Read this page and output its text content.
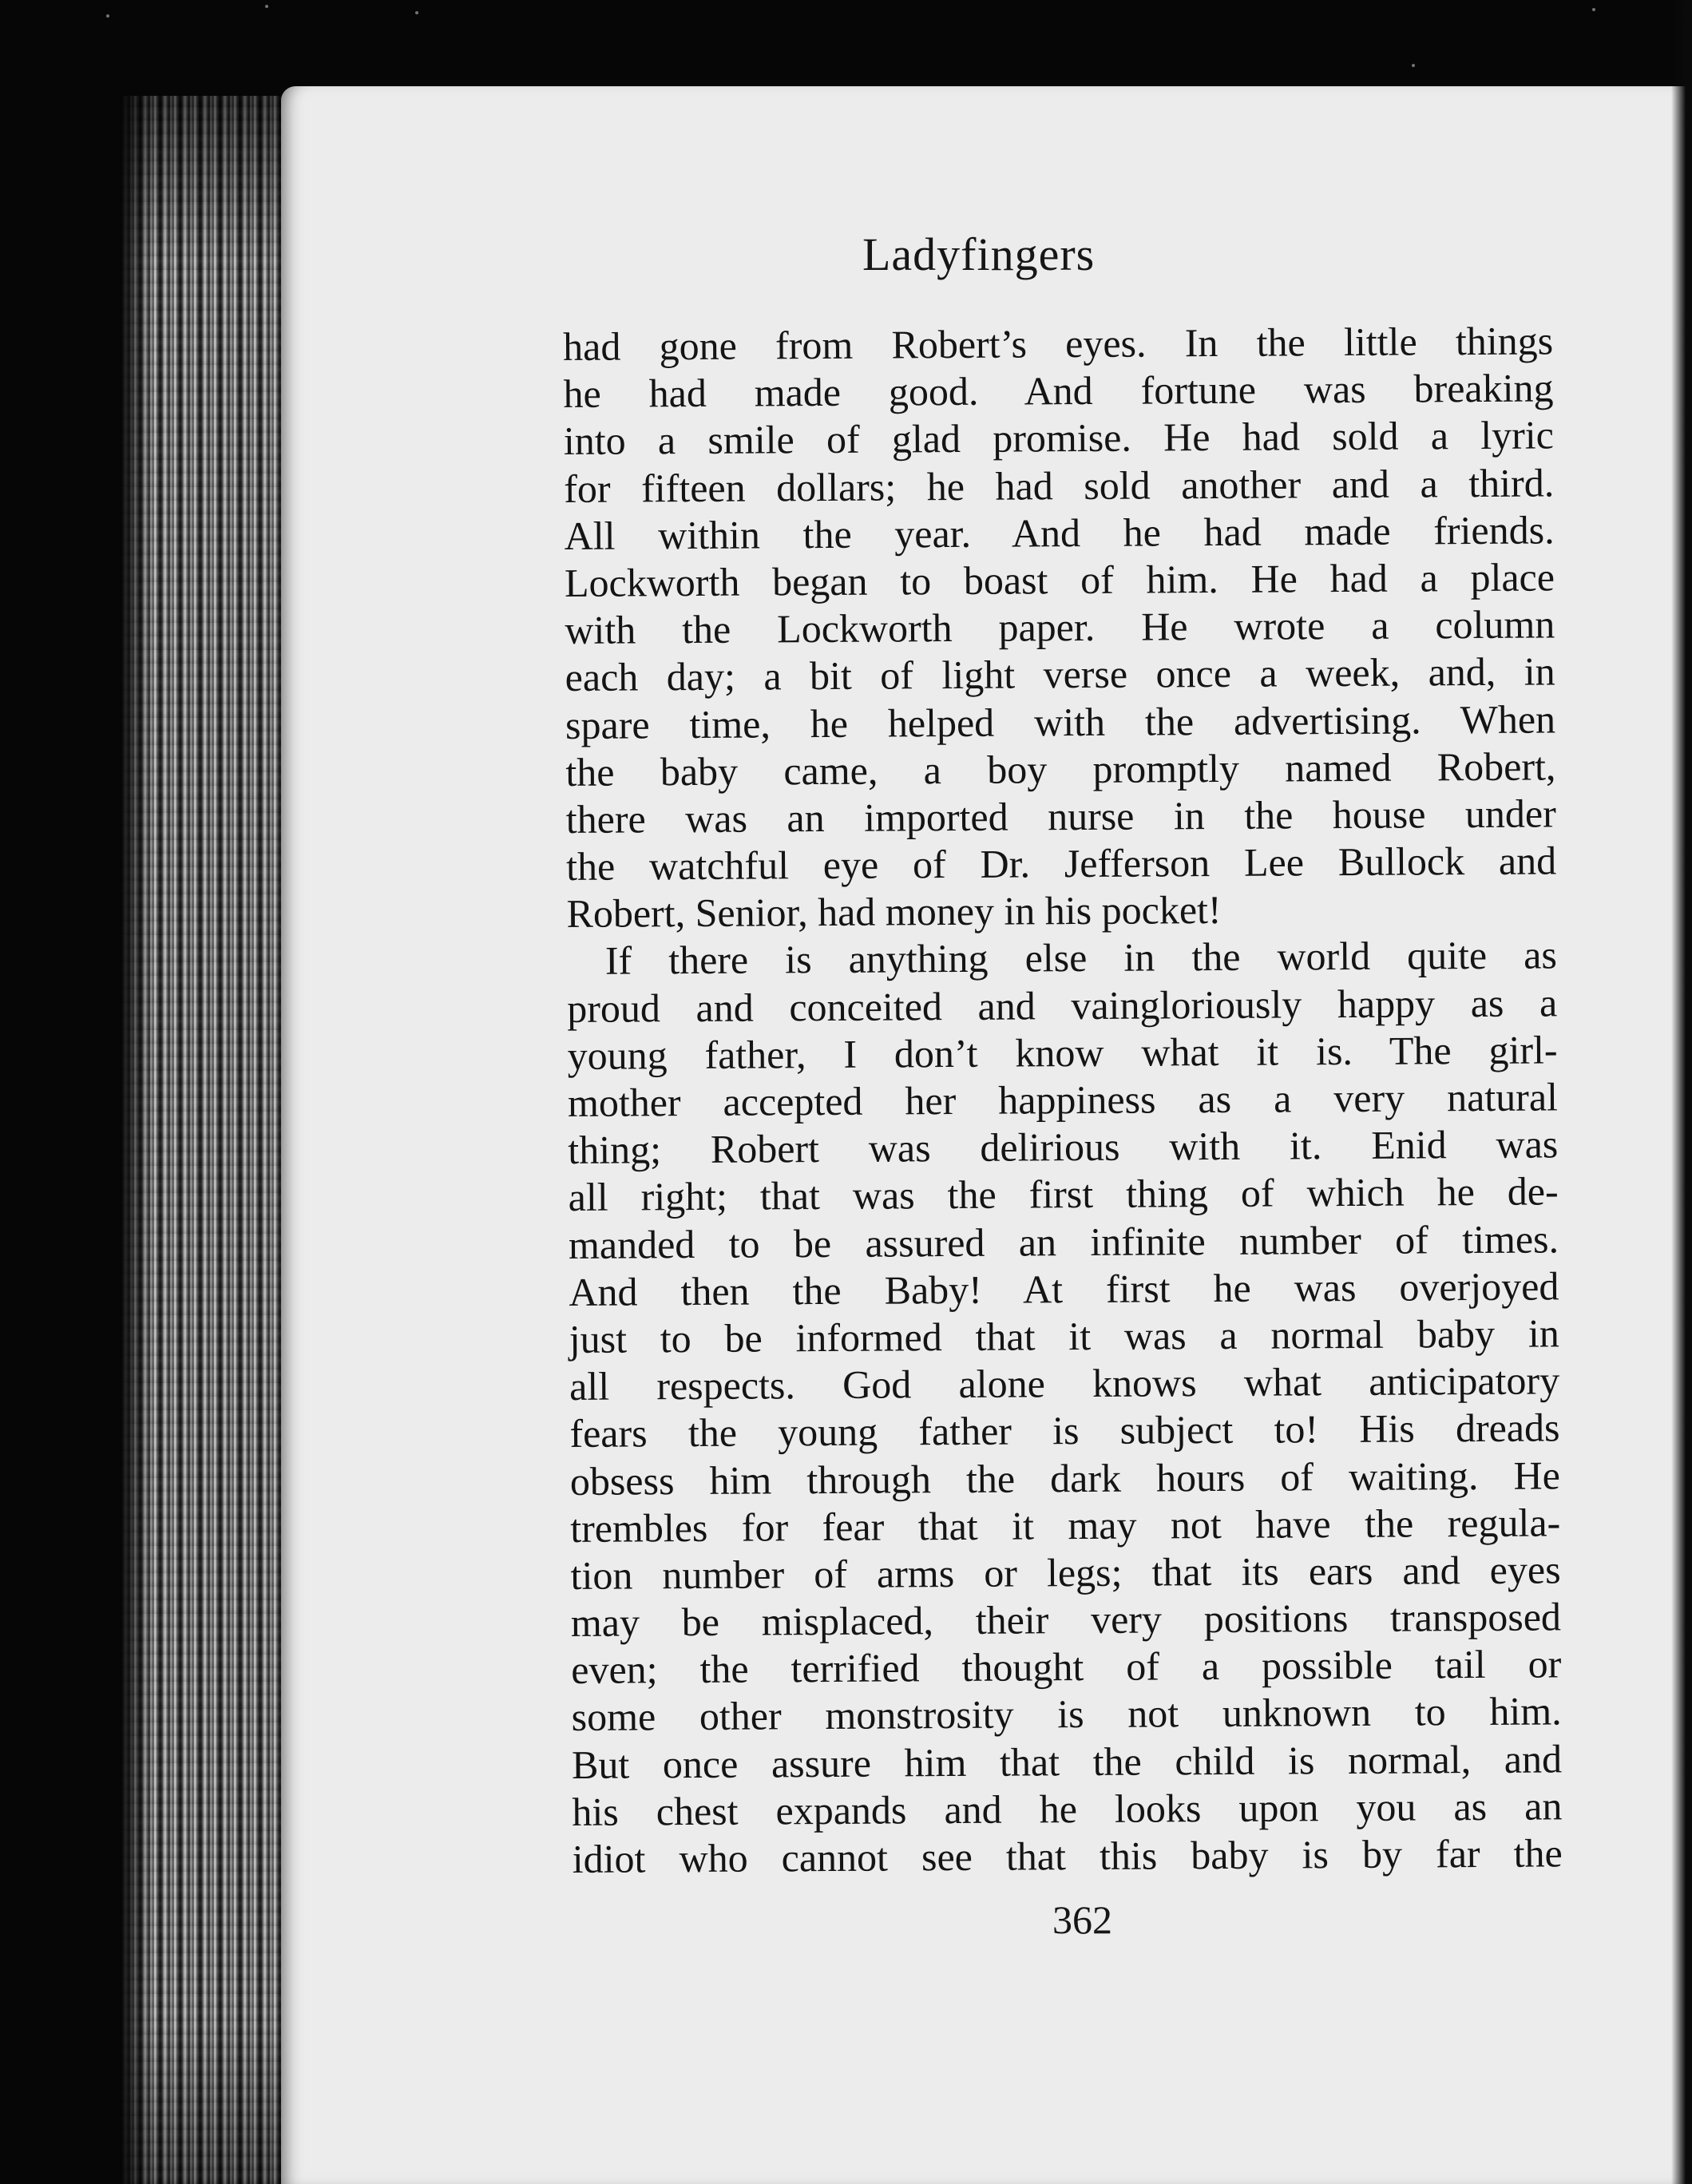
Ladyfingers
had gone from Robert’s eyes. In the little things
he had made good. And fortune was breaking
into a smile of glad promise. He had sold a lyric
for fifteen dollars; he had sold another and a third.
All within the year. And he had made friends.
Lockworth began to boast of him. He had a place
with the Lockworth paper. He wrote a column
each day; a bit of light verse once a week, and, in
spare time, he helped with the advertising. When
the baby came, a boy promptly named Robert,
there was an imported nurse in the house under
the watchful eye of Dr. Jefferson Lee Bullock and
Robert, Senior, had money in his pocket!
If there is anything else in the world quite as
proud and conceited and vaingloriously happy as a
young father, I don’t know what it is. The girl-
mother accepted her happiness as a very natural
thing; Robert was delirious with it. Enid was
all right; that was the first thing of which he de-
manded to be assured an infinite number of times.
And then the Baby! At first he was overjoyed
just to be informed that it was a normal baby in
all respects. God alone knows what anticipatory
fears the young father is subject to! His dreads
obsess him through the dark hours of waiting. He
trembles for fear that it may not have the regula-
tion number of arms or legs; that its ears and eyes
may be misplaced, their very positions transposed
even; the terrified thought of a possible tail or
some other monstrosity is not unknown to him.
But once assure him that the child is normal, and
his chest expands and he looks upon you as an
idiot who cannot see that this baby is by far the
362
